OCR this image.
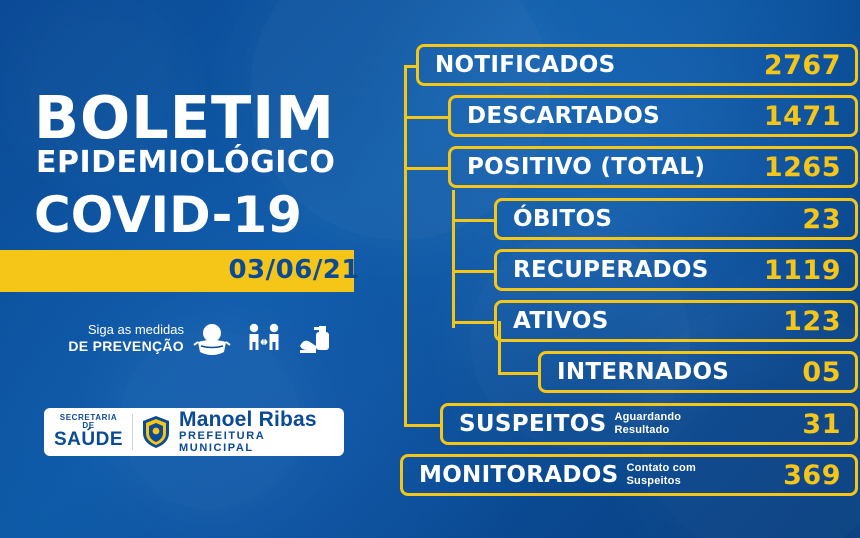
BOLETIM
EPIDEMIOLÓGICO
COVID-19
03/06/21
Siga as medidas
DE PREVENÇÃO
SECRETARIA DE
SAÚDE
Manoel Ribas
PREFEITURA MUNICIPAL
NOTIFICADOS	2767
DESCARTADOS	1471
POSITIVO (TOTAL) 1265
ÓBITOS	23
RECUPERADOS 1119
ATIVOS	123
INTERNADOS	05
SUSPEITOS Aguardando
Resultado	31
MONITORADOS Contato com
Suspeitos	369
